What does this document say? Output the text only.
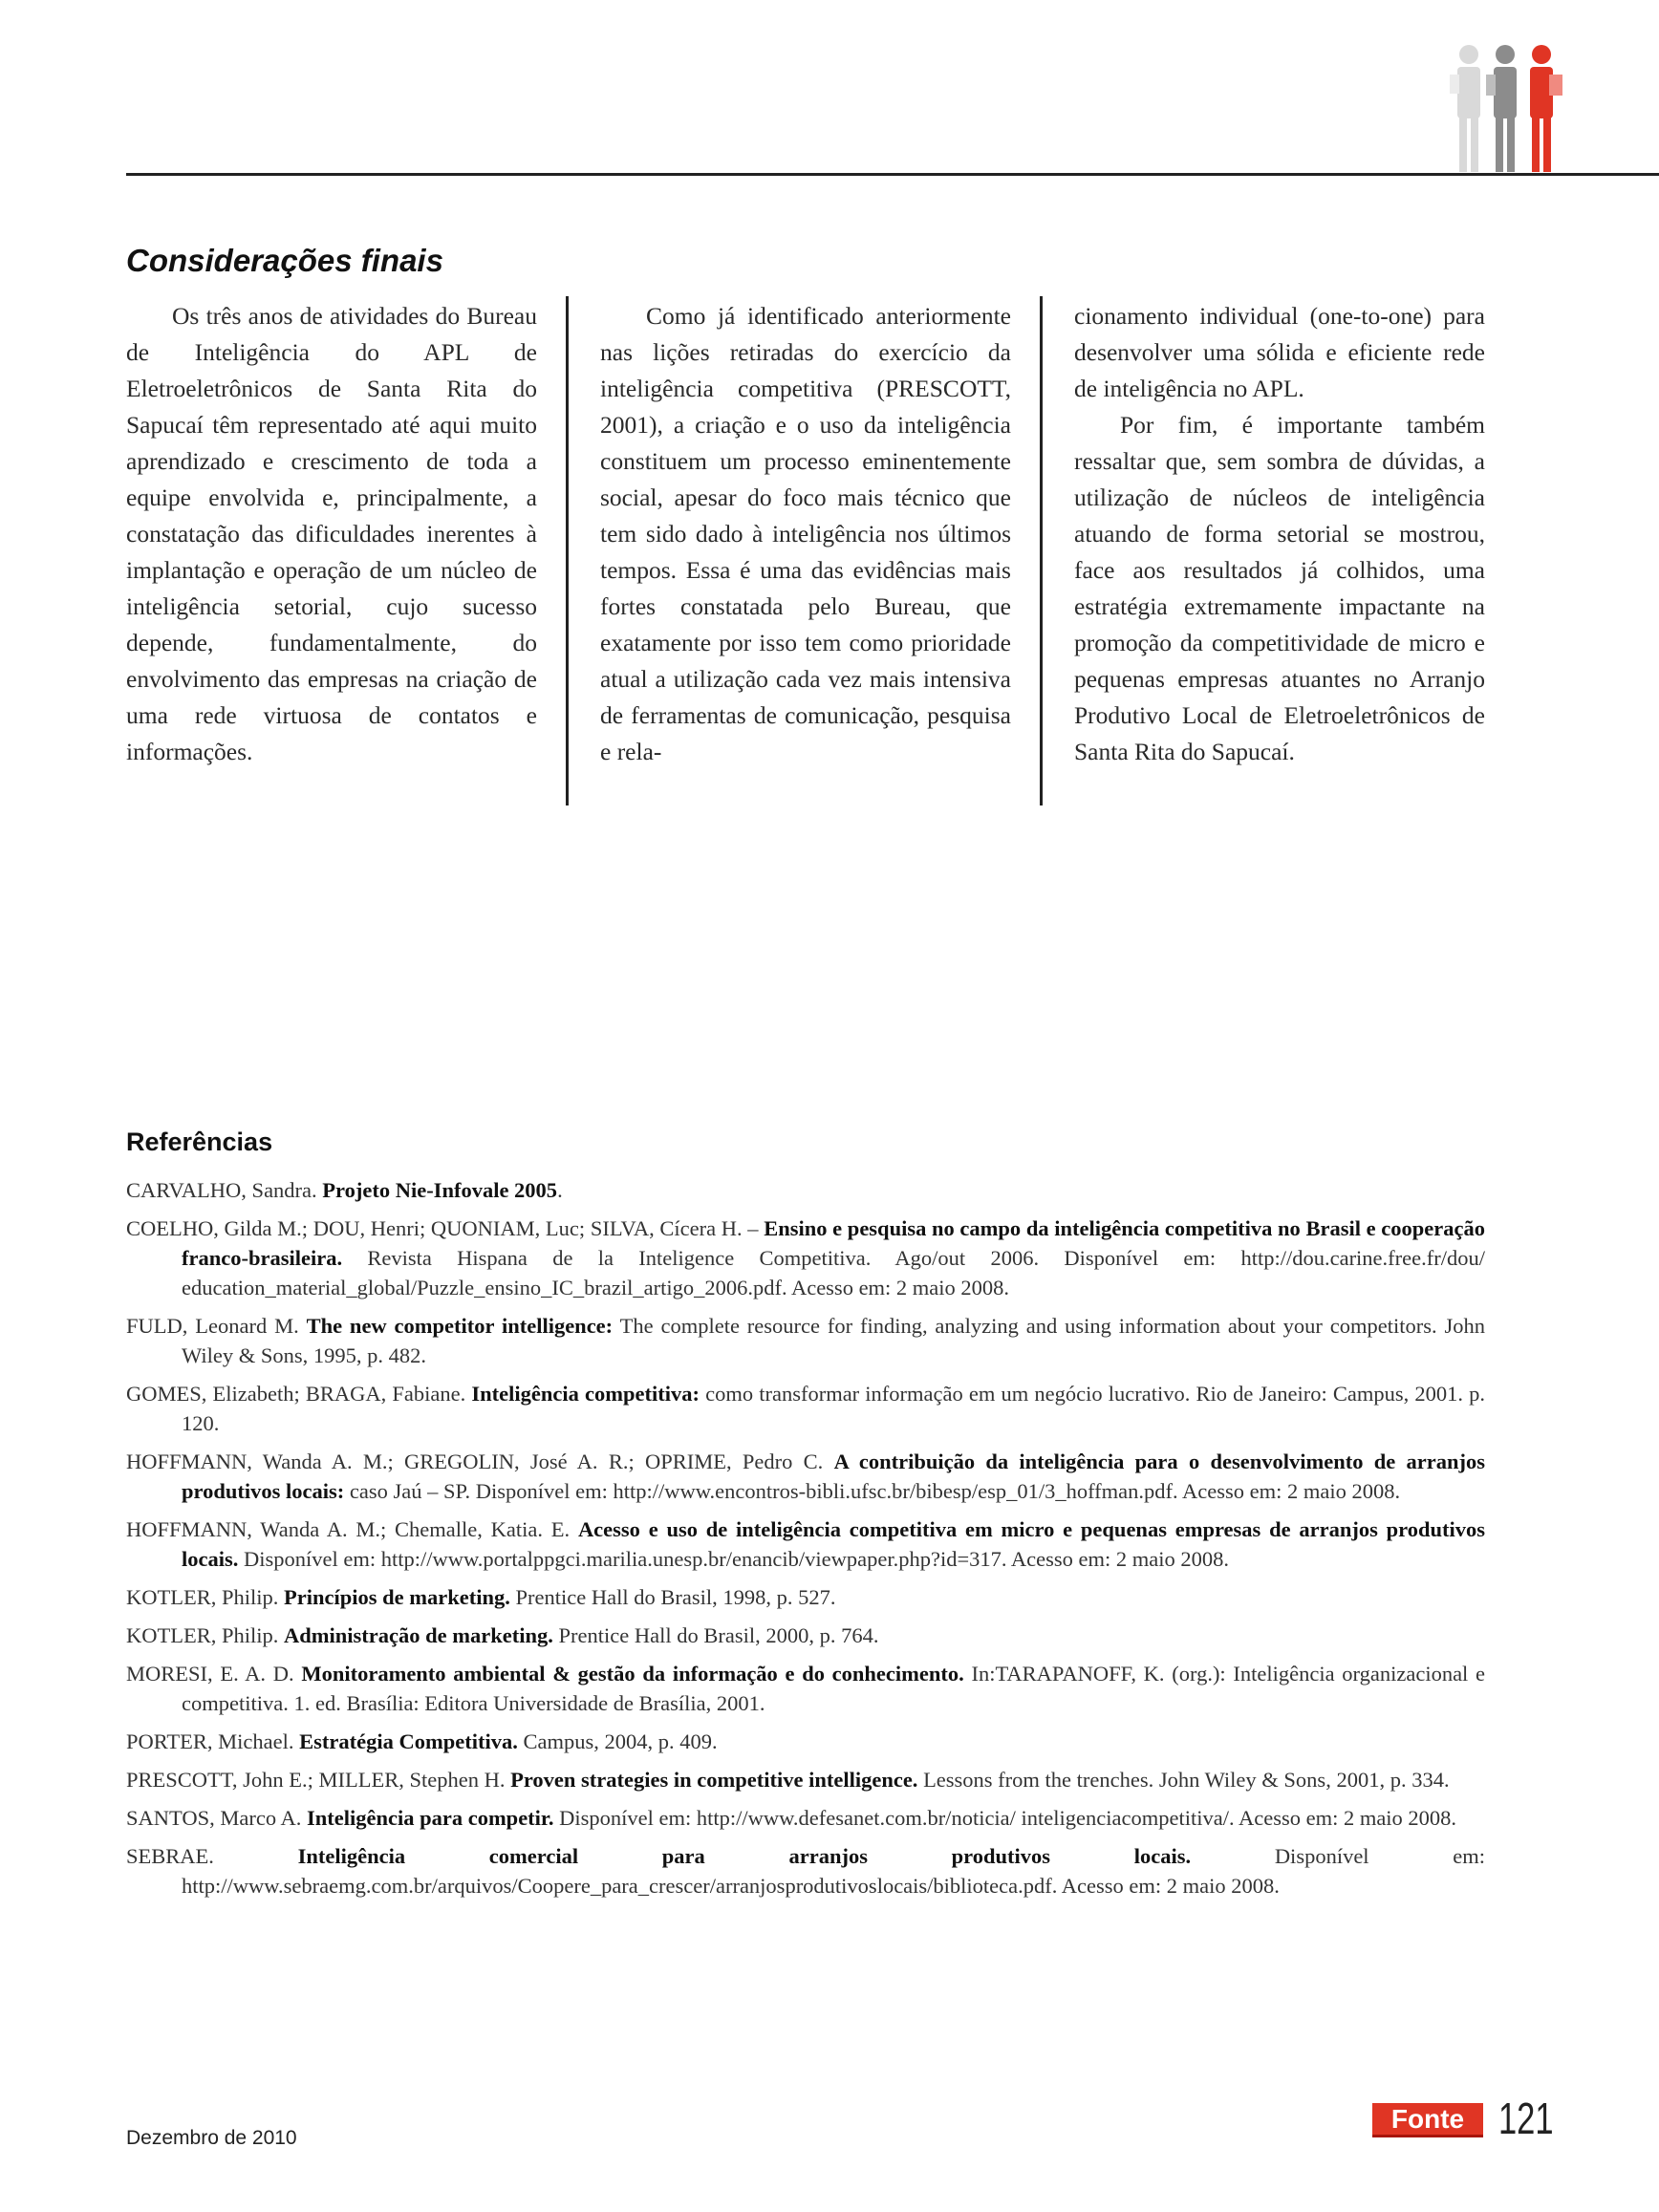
Considerações finais

Os três anos de atividades do Bureau de Inteligência do APL de Eletroeletrônicos de Santa Rita do Sapucaí têm representado até aqui muito aprendizado e crescimento de toda a equipe envolvida e, principalmente, a constatação das dificuldades inerentes à implantação e operação de um núcleo de inteligência setorial, cujo sucesso depende, fundamentalmente, do envolvimento das empresas na criação de uma rede virtuosa de contatos e informações.

Como já identificado anteriormente nas lições retiradas do exercício da inteligência competitiva (PRESCOTT, 2001), a criação e o uso da inteligência constituem um processo eminentemente social, apesar do foco mais técnico que tem sido dado à inteligência nos últimos tempos. Essa é uma das evidências mais fortes constatada pelo Bureau, que exatamente por isso tem como prioridade atual a utilização cada vez mais intensiva de ferramentas de comunicação, pesquisa e rela-

cionamento individual (one-to-one) para desenvolver uma sólida e eficiente rede de inteligência no APL.

Por fim, é importante também ressaltar que, sem sombra de dúvidas, a utilização de núcleos de inteligência atuando de forma setorial se mostrou, face aos resultados já colhidos, uma estratégia extremamente impactante na promoção da competitividade de micro e pequenas empresas atuantes no Arranjo Produtivo Local de Eletroeletrônicos de Santa Rita do Sapucaí.

Referências

CARVALHO, Sandra. Projeto Nie-Infovale 2005.

COELHO, Gilda M.; DOU, Henri; QUONIAM, Luc; SILVA, Cícera H. – Ensino e pesquisa no campo da inteligência competitiva no Brasil e cooperação franco-brasileira. Revista Hispana de la Inteligence Competitiva. Ago/out 2006. Disponível em: http://dou.carine.free.fr/dou/ education_material_global/Puzzle_ensino_IC_brazil_artigo_2006.pdf. Acesso em: 2 maio 2008.

FULD, Leonard M. The new competitor intelligence: The complete resource for finding, analyzing and using information about your competitors. John Wiley & Sons, 1995, p. 482.

GOMES, Elizabeth; BRAGA, Fabiane. Inteligência competitiva: como transformar informação em um negócio lucrativo. Rio de Janeiro: Campus, 2001. p. 120.

HOFFMANN, Wanda A. M.; GREGOLIN, José A. R.; OPRIME, Pedro C. A contribuição da inteligência para o desenvolvimento de arranjos produtivos locais: caso Jaú – SP. Disponível em: http://www.encontros-bibli.ufsc.br/bibesp/esp_01/3_hoffman.pdf. Acesso em: 2 maio 2008.

HOFFMANN, Wanda A. M.; Chemalle, Katia. E. Acesso e uso de inteligência competitiva em micro e pequenas empresas de arranjos produtivos locais. Disponível em: http://www.portalppgci.marilia.unesp.br/enancib/viewpaper.php?id=317. Acesso em: 2 maio 2008.

KOTLER, Philip. Princípios de marketing. Prentice Hall do Brasil, 1998, p. 527.

KOTLER, Philip. Administração de marketing. Prentice Hall do Brasil, 2000, p. 764.

MORESI, E. A. D. Monitoramento ambiental & gestão da informação e do conhecimento. In:TARAPANOFF, K. (org.): Inteligência organizacional e competitiva. 1. ed. Brasília: Editora Universidade de Brasília, 2001.

PORTER, Michael. Estratégia Competitiva. Campus, 2004, p. 409.

PRESCOTT, John E.; MILLER, Stephen H. Proven strategies in competitive intelligence. Lessons from the trenches. John Wiley & Sons, 2001, p. 334.

SANTOS, Marco A. Inteligência para competir. Disponível em: http://www.defesanet.com.br/noticia/ inteligenciacompetitiva/. Acesso em: 2 maio 2008.

SEBRAE. Inteligência comercial para arranjos produtivos locais. Disponível em: http://www.sebraemg.com.br/arquivos/Coopere_para_crescer/arranjosprodutivoslocais/biblioteca.pdf. Acesso em: 2 maio 2008.

Dezembro de 2010
Fonte 121
